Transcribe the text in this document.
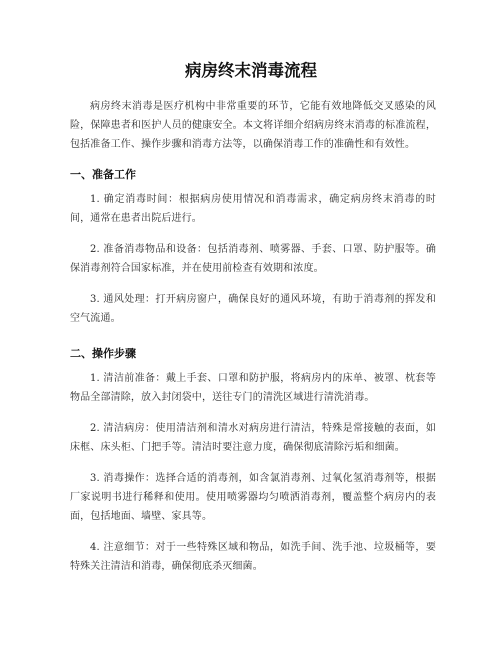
病房终末消毒流程

病房终末消毒是医疗机构中非常重要的环节，它能有效地降低交叉感染的风险，保障患者和医护人员的健康安全。本文将详细介绍病房终末消毒的标准流程，包括准备工作、操作步骤和消毒方法等，以确保消毒工作的准确性和有效性。

一、准备工作

1. 确定消毒时间：根据病房使用情况和消毒需求，确定病房终末消毒的时间，通常在患者出院后进行。

2. 准备消毒物品和设备：包括消毒剂、喷雾器、手套、口罩、防护服等。确保消毒剂符合国家标准，并在使用前检查有效期和浓度。

3. 通风处理：打开病房窗户，确保良好的通风环境，有助于消毒剂的挥发和空气流通。

二、操作步骤

1. 清洁前准备：戴上手套、口罩和防护服，将病房内的床单、被罩、枕套等物品全部清除，放入封闭袋中，送往专门的清洗区域进行清洗消毒。

2. 清洁病房：使用清洁剂和清水对病房进行清洁，特殊是常接触的表面，如床框、床头柜、门把手等。清洁时要注意力度，确保彻底清除污垢和细菌。

3. 消毒操作：选择合适的消毒剂，如含氯消毒剂、过氧化氢消毒剂等，根据厂家说明书进行稀释和使用。使用喷雾器均匀喷洒消毒剂，覆盖整个病房内的表面，包括地面、墙壁、家具等。

4. 注意细节：对于一些特殊区域和物品，如洗手间、洗手池、垃圾桶等，要特殊关注清洁和消毒，确保彻底杀灭细菌。
